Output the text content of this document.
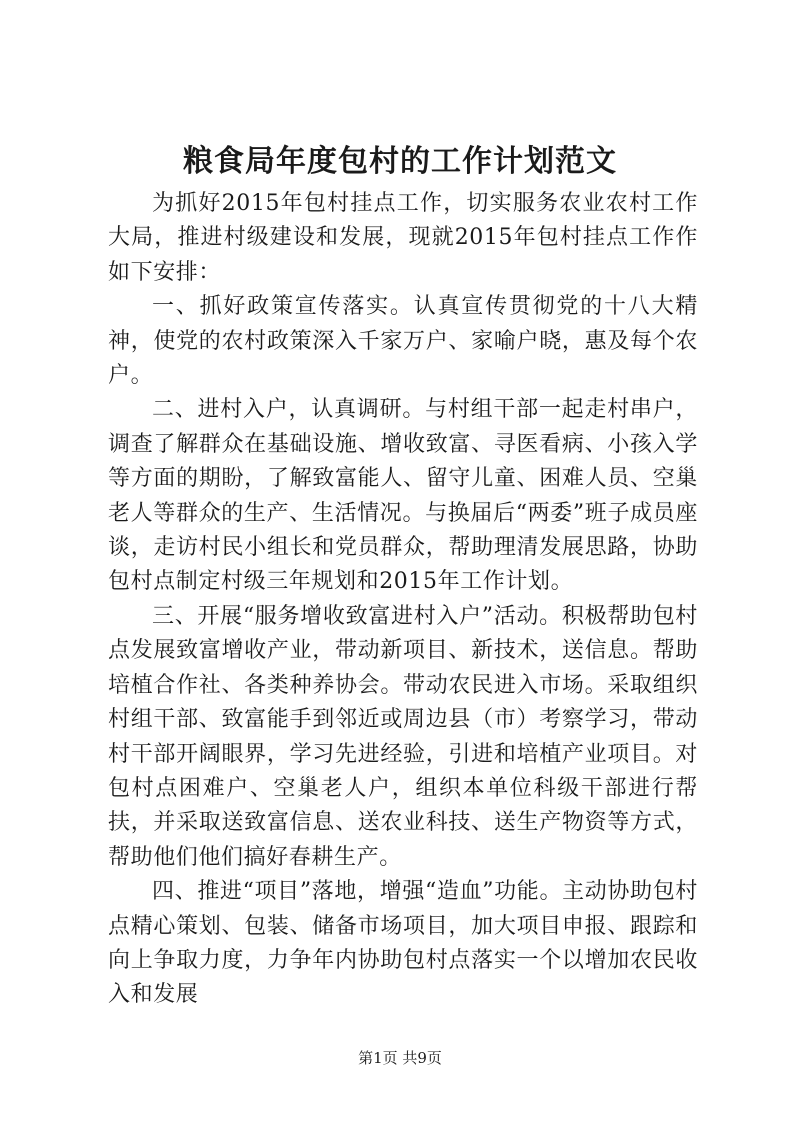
粮食局年度包村的工作计划范文

为抓好2015年包村挂点工作，切实服务农业农村工作大局，推进村级建设和发展，现就2015年包村挂点工作作如下安排：

一、抓好政策宣传落实。认真宣传贯彻党的十八大精神，使党的农村政策深入千家万户、家喻户晓，惠及每个农户。

二、进村入户，认真调研。与村组干部一起走村串户，调查了解群众在基础设施、增收致富、寻医看病、小孩入学等方面的期盼，了解致富能人、留守儿童、困难人员、空巢老人等群众的生产、生活情况。与换届后“两委”班子成员座谈，走访村民小组长和党员群众，帮助理清发展思路，协助包村点制定村级三年规划和2015年工作计划。

三、开展“服务增收致富进村入户”活动。积极帮助包村点发展致富增收产业，带动新项目、新技术，送信息。帮助培植合作社、各类种养协会。带动农民进入市场。采取组织村组干部、致富能手到邻近或周边县（市）考察学习，带动村干部开阔眼界，学习先进经验，引进和培植产业项目。对包村点困难户、空巢老人户，组织本单位科级干部进行帮扶，并采取送致富信息、送农业科技、送生产物资等方式，帮助他们他们搞好春耕生产。

四、推进“项目”落地，增强“造血”功能。主动协助包村点精心策划、包装、储备市场项目，加大项目申报、跟踪和向上争取力度，力争年内协助包村点落实一个以增加农民收入和发展

第1页 共9页
